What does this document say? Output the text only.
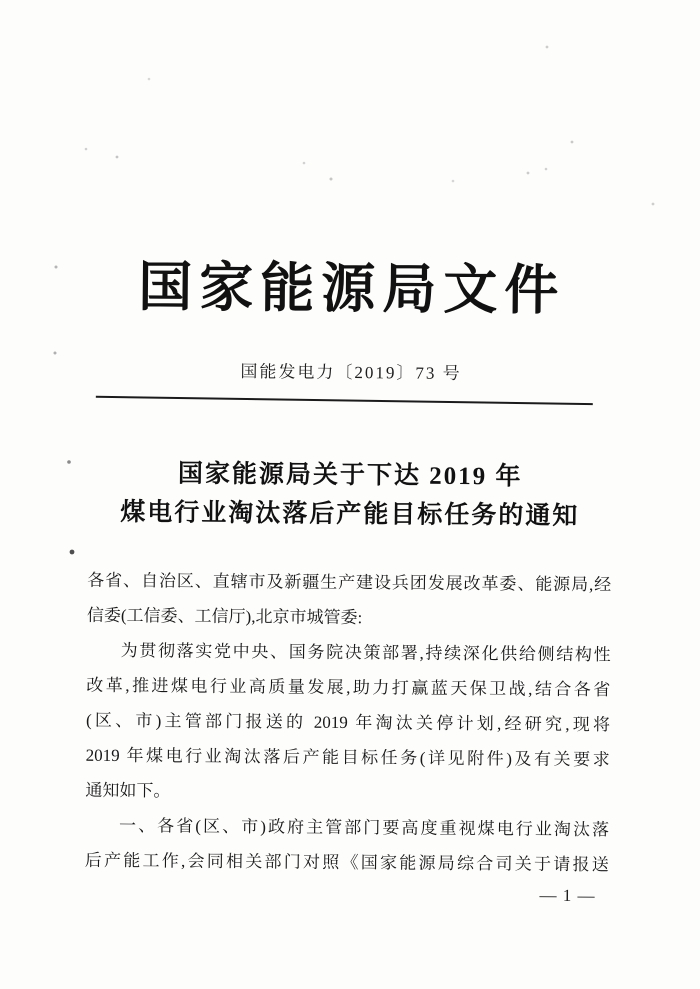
国家能源局文件
国能发电力〔2019〕73 号
国家能源局关于下达 2019 年
煤电行业淘汰落后产能目标任务的通知
各省、自治区、直辖市及新疆生产建设兵团发展改革委、能源局,经
信委(工信委、工信厅),北京市城管委:
为贯彻落实党中央、国务院决策部署,持续深化供给侧结构性
改革,推进煤电行业高质量发展,助力打赢蓝天保卫战,结合各省
(区、市)主管部门报送的 2019 年淘汰关停计划,经研究,现将
2019 年煤电行业淘汰落后产能目标任务(详见附件)及有关要求
通知如下。
一、各省(区、市)政府主管部门要高度重视煤电行业淘汰落
后产能工作,会同相关部门对照《国家能源局综合司关于请报送
— 1 —
